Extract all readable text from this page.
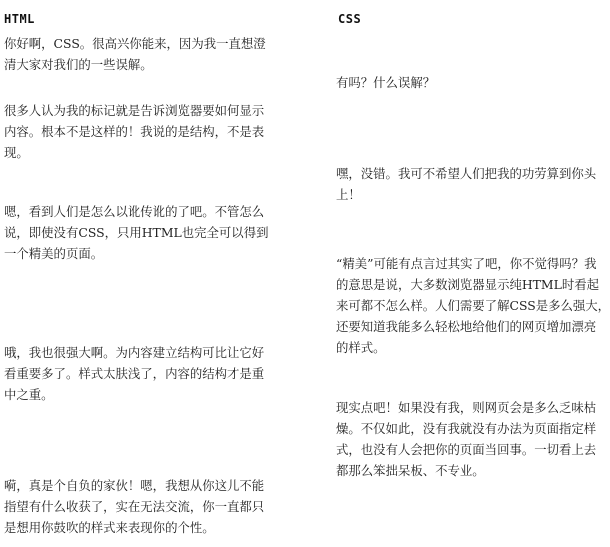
HTML	CSS

你好啊，CSS。很高兴你能来，因为我一直想澄
清大家对我们的一些误解。

很多人认为我的标记就是告诉浏览器要如何显示
内容。根本不是这样的！我说的是结构，不是表
现。

嗯，看到人们是怎么以讹传讹的了吧。不管怎么
说，即使没有CSS，只用HTML也完全可以得到
一个精美的页面。

哦，我也很强大啊。为内容建立结构可比让它好
看重要多了。样式太肤浅了，内容的结构才是重
中之重。

嗬，真是个自负的家伙！嗯，我想从你这儿不能
指望有什么收获了，实在无法交流，你一直都只
是想用你鼓吹的样式来表现你的个性。

有吗？什么误解？

嘿，没错。我可不希望人们把我的功劳算到你头
上！

“精美”可能有点言过其实了吧，你不觉得吗？我
的意思是说，大多数浏览器显示纯HTML时看起
来可都不怎么样。人们需要了解CSS是多么强大，
还要知道我能多么轻松地给他们的网页增加漂亮
的样式。

现实点吧！如果没有我，则网页会是多么乏味枯
燥。不仅如此，没有我就没有办法为页面指定样
式，也没有人会把你的页面当回事。一切看上去
都那么笨拙呆板、不专业。
